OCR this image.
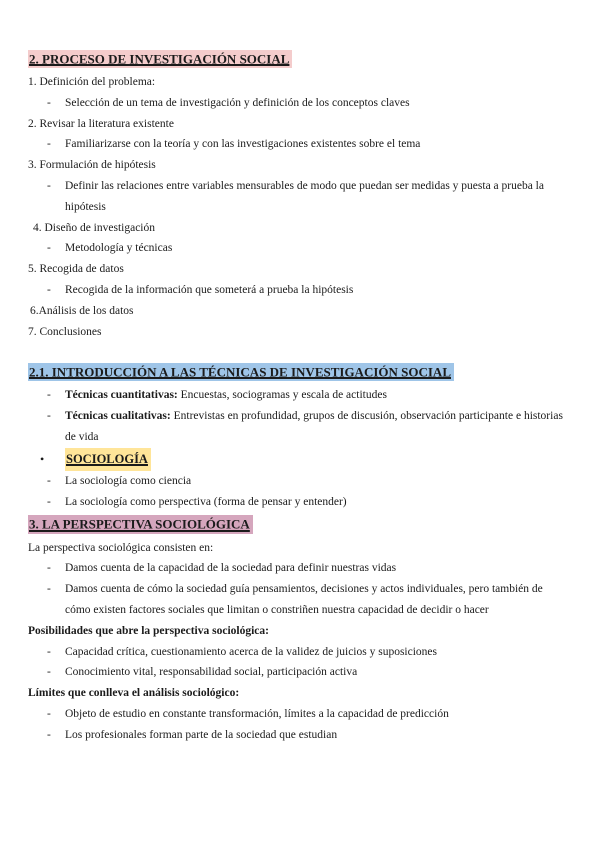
2. PROCESO DE INVESTIGACIÓN SOCIAL
1. Definición del problema:
-	Selección de un tema de investigación y definición de los conceptos claves
2. Revisar la literatura existente
-	Familiarizarse con la teoría y con las investigaciones existentes sobre el tema
3. Formulación de hipótesis
-	Definir las relaciones entre variables mensurables de modo que puedan ser medidas y puesta a prueba la hipótesis
4. Diseño de investigación
-	Metodología y técnicas
5. Recogida de datos
-	Recogida de la información que someterá a prueba la hipótesis
6.Análisis de los datos
7. Conclusiones
2.1. INTRODUCCIÓN A LAS TÉCNICAS DE INVESTIGACIÓN SOCIAL
-	Técnicas cuantitativas: Encuestas, sociogramas y escala de actitudes
-	Técnicas cualitativas: Entrevistas en profundidad, grupos de discusión, observación participante e historias de vida
•	SOCIOLOGÍA
-	La sociología como ciencia
-	La sociología como perspectiva (forma de pensar y entender)
3. LA PERSPECTIVA SOCIOLÓGICA
La perspectiva sociológica consisten en:
-	Damos cuenta de la capacidad de la sociedad para definir nuestras vidas
-	Damos cuenta de cómo la sociedad guía pensamientos, decisiones y actos individuales, pero también de cómo existen factores sociales que limitan o constriñen nuestra capacidad de decidir o hacer
Posibilidades que abre la perspectiva sociológica:
-	Capacidad crítica, cuestionamiento acerca de la validez de juicios y suposiciones
-	Conocimiento vital, responsabilidad social, participación activa
Límites que conlleva el análisis sociológico:
-	Objeto de estudio en constante transformación, límites a la capacidad de predicción
-	Los profesionales forman parte de la sociedad que estudian
